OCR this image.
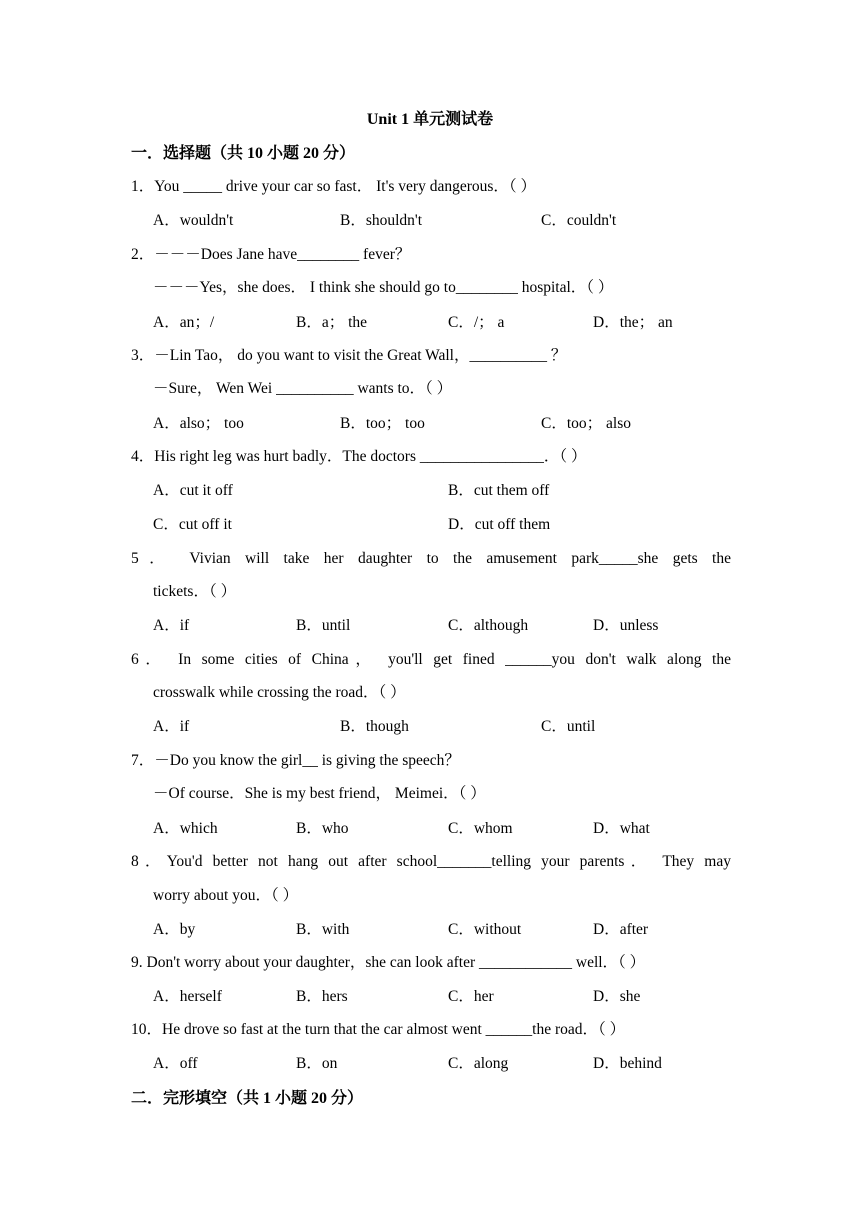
Unit 1 单元测试卷
一．选择题（共 10 小题 20 分）
1．You _____ drive your car so fast． It's very dangerous．（ ）
A．wouldn't	B．shouldn't	C．couldn't
2．－－－Does Jane have________ fever？
－－－Yes，she does． I think she should go to________ hospital．（ ）
A．an；/	B．a； the	C．/； a	D．the； an
3．－Lin Tao， do you want to visit the Great Wall，__________ ？
－Sure， Wen Wei __________ wants to．（ ）
A．also； too	B．too； too	C．too； also
4．His right leg was hurt badly．The doctors ________________．（ ）
A．cut it off	B．cut them off
C．cut off it	D．cut off them
5． Vivian will take her daughter to the amusement park_____she gets the
tickets．（ ）
A．if	B．until	C．although	D．unless
6． In some cities of China， you'll get fined ______you don't walk along the
crosswalk while crossing the road．（ ）
A．if	B．though	C．until
7．－Do you know the girl__ is giving the speech？
－Of course．She is my best friend， Meimei．（ ）
A．which	B．who	C．whom	D．what
8．You'd better not hang out after school_______telling your parents． They may
worry about you．（ ）
A．by	B．with	C．without	D．after
9. Don't worry about your daughter，she can look after ____________ well．（ ）
A．herself	B．hers	C．her	D．she
10．He drove so fast at the turn that the car almost went ______the road．（ ）
A．off	B．on	C．along	D．behind
二．完形填空（共 1 小题 20 分）
